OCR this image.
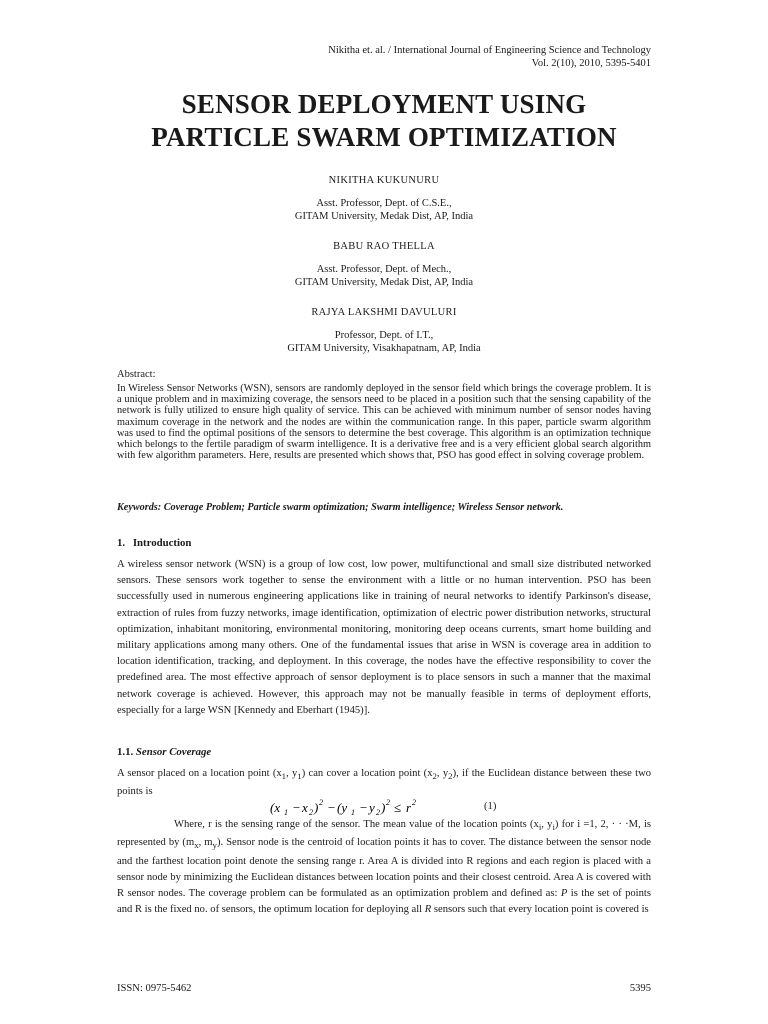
Nikitha et. al. / International Journal of Engineering Science and Technology
Vol. 2(10), 2010, 5395-5401
SENSOR DEPLOYMENT USING
PARTICLE SWARM OPTIMIZATION
NIKITHA KUKUNURU
Asst. Professor, Dept. of C.S.E.,
GITAM University, Medak Dist, AP, India
BABU RAO THELLA
Asst. Professor, Dept. of Mech.,
GITAM University, Medak Dist, AP, India
RAJYA LAKSHMI DAVULURI
Professor, Dept. of I.T.,
GITAM University, Visakhapatnam, AP, India
Abstract:
In Wireless Sensor Networks (WSN), sensors are randomly deployed in the sensor field which brings the coverage problem. It is a unique problem and in maximizing coverage, the sensors need to be placed in a position such that the sensing capability of the network is fully utilized to ensure high quality of service. This can be achieved with minimum number of sensor nodes having maximum coverage in the network and the nodes are within the communication range. In this paper, particle swarm algorithm was used to find the optimal positions of the sensors to determine the best coverage. This algorithm is an optimization technique which belongs to the fertile paradigm of swarm intelligence. It is a derivative free and is a very efficient global search algorithm with few algorithm parameters. Here, results are presented which shows that, PSO has good effect in solving coverage problem.
Keywords: Coverage Problem; Particle swarm optimization; Swarm intelligence; Wireless Sensor network.
1. Introduction
A wireless sensor network (WSN) is a group of low cost, low power, multifunctional and small size distributed networked sensors. These sensors work together to sense the environment with a little or no human intervention. PSO has been successfully used in numerous engineering applications like in training of neural networks to identify Parkinson's disease, extraction of rules from fuzzy networks, image identification, optimization of electric power distribution networks, structural optimization, inhabitant monitoring, environmental monitoring, monitoring deep oceans currents, smart home building and military applications among many others. One of the fundamental issues that arise in WSN is coverage area in addition to location identification, tracking, and deployment. In this coverage, the nodes have the effective responsibility to cover the predefined area. The most effective approach of sensor deployment is to place sensors in such a manner that the maximal network coverage is achieved. However, this approach may not be manually feasible in terms of deployment efforts, especially for a large WSN [Kennedy and Eberhart (1945)].
1.1. Sensor Coverage
A sensor placed on a location point ($x_1$, $y_1$) can cover a location point ($x_2$, $y_2$), if the Euclidean distance between these two points is
(x 1 − x 2 ) 2 − (y 1 − y 2 ) 2 ≤ r 2	(1)
Where, r is the sensing range of the sensor. The mean value of the location points ($x_i$, $y_i$) for i =1, 2, · · ·M, is represented by ($m_x$, $m_y$). Sensor node is the centroid of location points it has to cover. The distance between the sensor node and the farthest location point denote the sensing range r. Area A is divided into R regions and each region is placed with a sensor node by minimizing the Euclidean distances between location points and their closest centroid. Area A is covered with R sensor nodes. The coverage problem can be formulated as an optimization problem and defined as: P is the set of points and R is the fixed no. of sensors, the optimum location for deploying all R sensors such that every location point is covered is
ISSN: 0975-5462	5395
